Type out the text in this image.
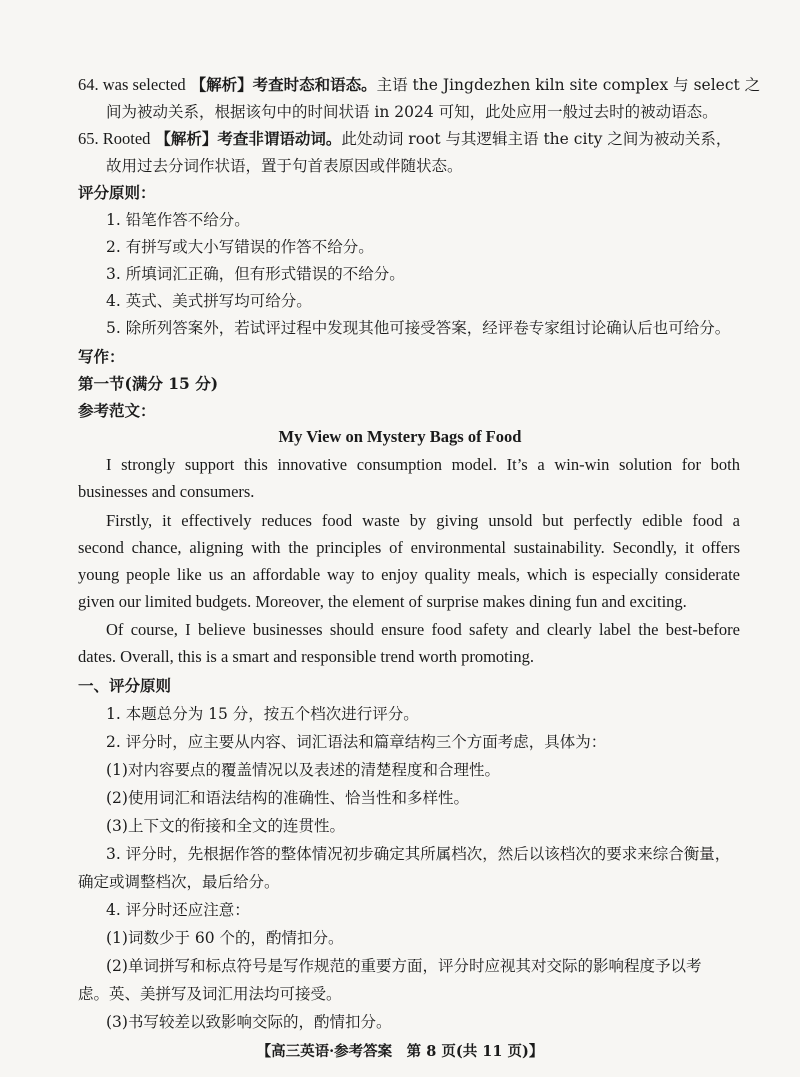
64. was selected 【解析】考查时态和语态。主语 the Jingdezhen kiln site complex 与 select 之
间为被动关系，根据该句中的时间状语 in 2024 可知，此处应用一般过去时的被动语态。
65. Rooted 【解析】考查非谓语动词。此处动词 root 与其逻辑主语 the city 之间为被动关系，
故用过去分词作状语，置于句首表原因或伴随状态。
评分原则：
1. 铅笔作答不给分。
2. 有拼写或大小写错误的作答不给分。
3. 所填词汇正确，但有形式错误的不给分。
4. 英式、美式拼写均可给分。
5. 除所列答案外，若试评过程中发现其他可接受答案，经评卷专家组讨论确认后也可给分。
写作：
第一节(满分 15 分)
参考范文：
My View on Mystery Bags of Food
I strongly support this innovative consumption model. It’s a win-win solution for both
businesses and consumers.
Firstly, it effectively reduces food waste by giving unsold but perfectly edible food a
second chance, aligning with the principles of environmental sustainability. Secondly, it offers
young people like us an affordable way to enjoy quality meals, which is especially considerate
given our limited budgets. Moreover, the element of surprise makes dining fun and exciting.
Of course, I believe businesses should ensure food safety and clearly label the best-before
dates. Overall, this is a smart and responsible trend worth promoting.
一、评分原则
1. 本题总分为 15 分，按五个档次进行评分。
2. 评分时，应主要从内容、词汇语法和篇章结构三个方面考虑，具体为：
(1)对内容要点的覆盖情况以及表述的清楚程度和合理性。
(2)使用词汇和语法结构的准确性、恰当性和多样性。
(3)上下文的衔接和全文的连贯性。
3. 评分时，先根据作答的整体情况初步确定其所属档次，然后以该档次的要求来综合衡量，
确定或调整档次，最后给分。
4. 评分时还应注意：
(1)词数少于 60 个的，酌情扣分。
(2)单词拼写和标点符号是写作规范的重要方面，评分时应视其对交际的影响程度予以考
虑。英、美拼写及词汇用法均可接受。
(3)书写较差以致影响交际的，酌情扣分。
【高三英语·参考答案　第 8 页(共 11 页)】
